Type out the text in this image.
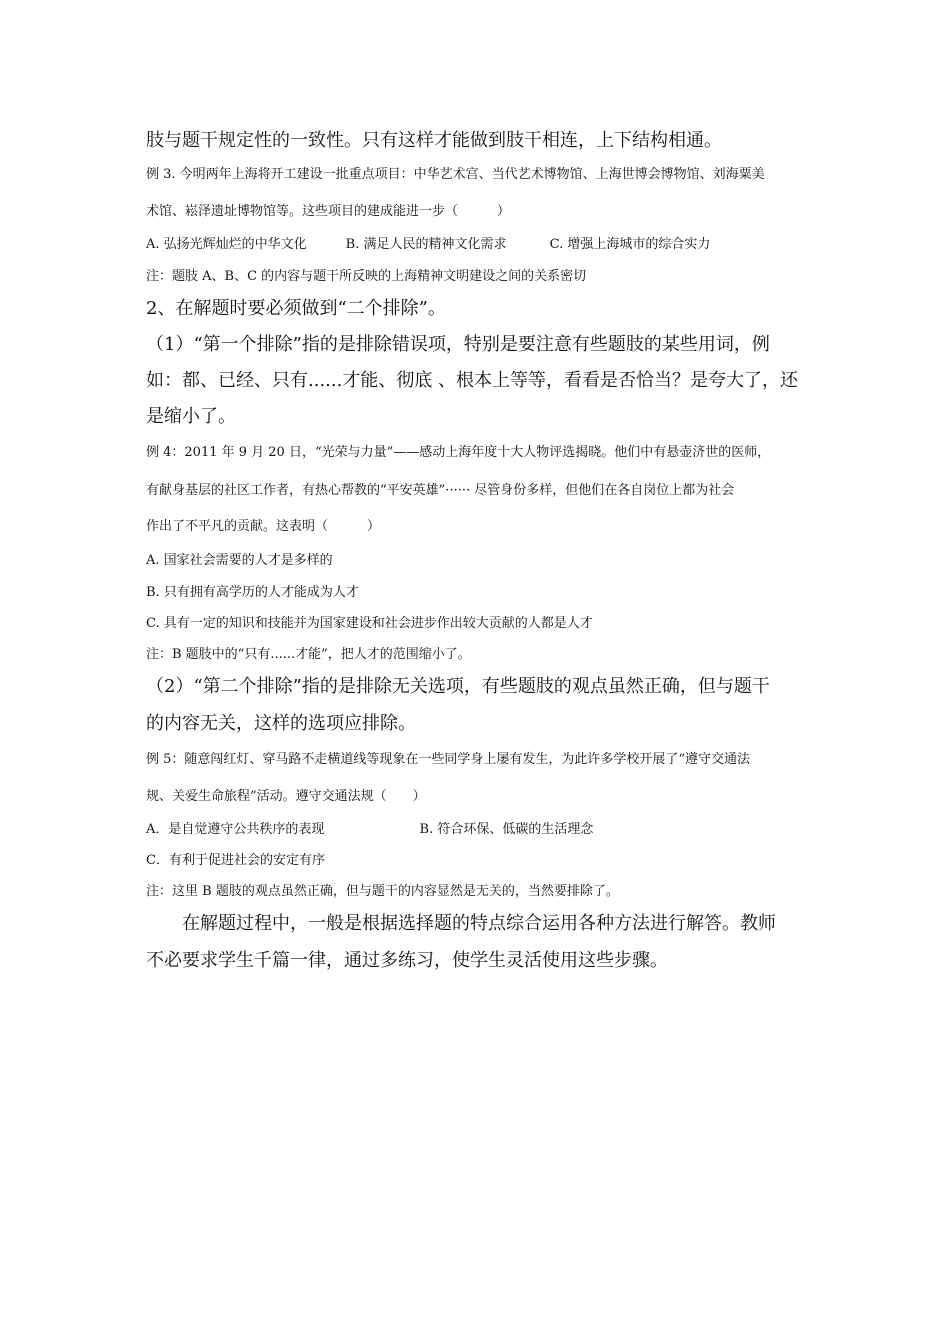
肢与题干规定性的一致性。只有这样才能做到肢干相连，上下结构相通。
例 3. 今明两年上海将开工建设一批重点项目：中华艺术宫、当代艺术博物馆、上海世博会博物馆、刘海粟美
术馆、崧泽遗址博物馆等。这些项目的建成能进一步（　　　）
A. 弘扬光辉灿烂的中华文化　　　B. 满足人民的精神文化需求　　　 C. 增强上海城市的综合实力
注：题肢 A、B、C 的内容与题干所反映的上海精神文明建设之间的关系密切
2、在解题时要必须做到“二个排除”。
（1）“第一个排除”指的是排除错误项，特别是要注意有些题肢的某些用词，例
如：都、已经、只有......才能、彻底 、根本上等等，看看是否恰当？是夸大了，还
是缩小了。
例 4：2011 年 9 月 20 日，“光荣与力量”——感动上海年度十大人物评选揭晓。他们中有悬壶济世的医师，
有献身基层的社区工作者，有热心帮教的“平安英雄”······ 尽管身份多样，但他们在各自岗位上都为社会
作出了不平凡的贡献。这表明（　　　）
A. 国家社会需要的人才是多样的
B. 只有拥有高学历的人才能成为人才
C. 具有一定的知识和技能并为国家建设和社会进步作出较大贡献的人都是人才
注：B 题肢中的“只有......才能”，把人才的范围缩小了。
（2）“第二个排除”指的是排除无关选项，有些题肢的观点虽然正确，但与题干
的内容无关，这样的选项应排除。
例 5：随意闯红灯、穿马路不走横道线等现象在一些同学身上屡有发生，为此许多学校开展了“遵守交通法
规、关爱生命旅程”活动。遵守交通法规（　　）
A．是自觉遵守公共秩序的表现　　　　　　　 B. 符合环保、低碳的生活理念
C．有利于促进社会的安定有序
注：这里 B 题肢的观点虽然正确，但与题干的内容显然是无关的，当然要排除了。
　　在解题过程中，一般是根据选择题的特点综合运用各种方法进行解答。教师
不必要求学生千篇一律，通过多练习，使学生灵活使用这些步骤。
